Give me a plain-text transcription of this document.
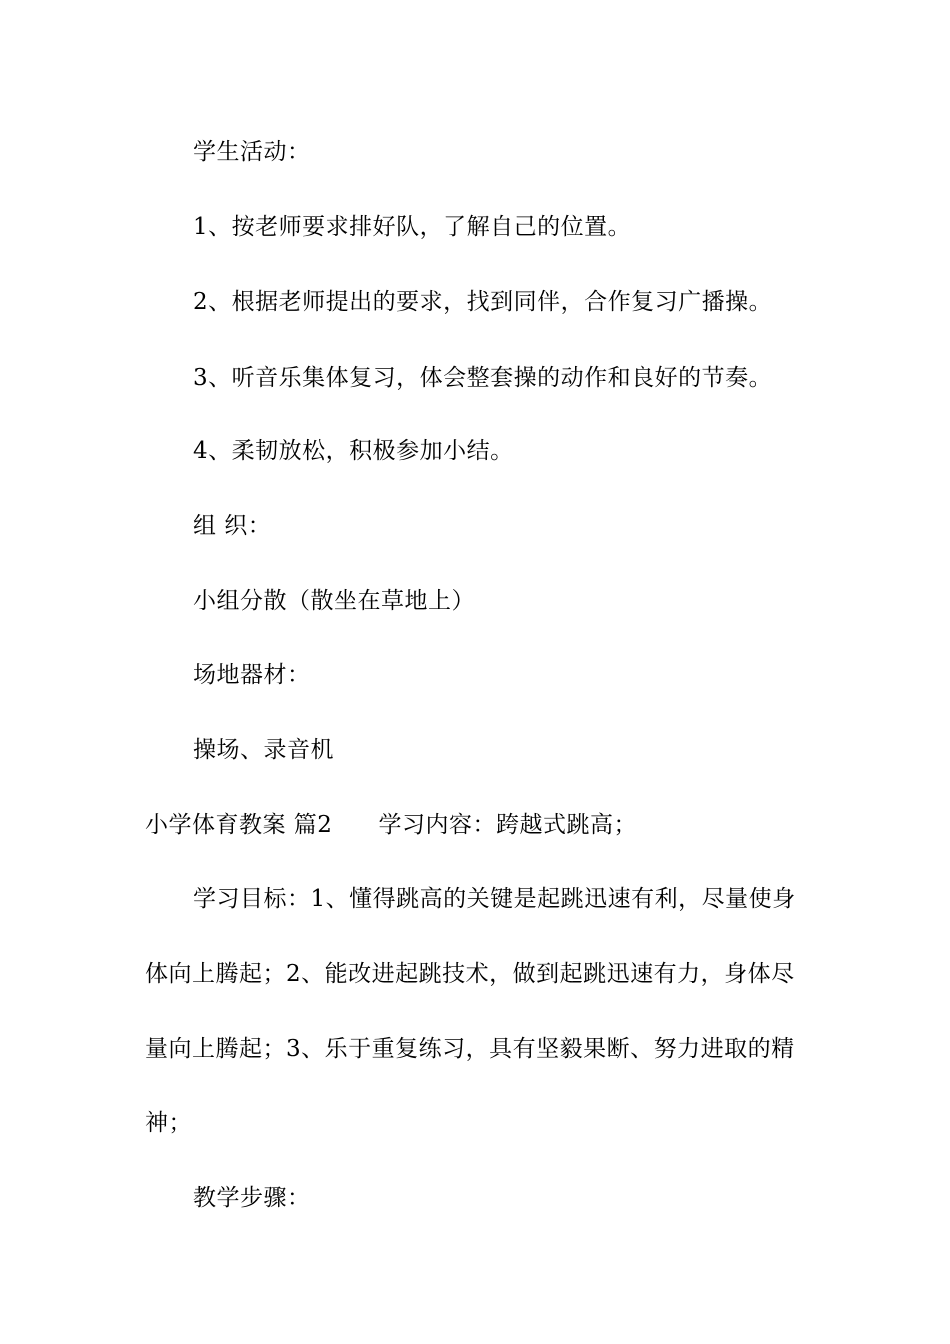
学生活动：
1、按老师要求排好队，了解自己的位置。
2、根据老师提出的要求，找到同伴，合作复习广播操。
3、听音乐集体复习，体会整套操的动作和良好的节奏。
4、柔韧放松，积极参加小结。
组 织：
小组分散（散坐在草地上）
场地器材：
操场、录音机
小学体育教案 篇2 学习内容：跨越式跳高；
学习目标：1、懂得跳高的关键是起跳迅速有利，尽量使身
体向上腾起；2、能改进起跳技术，做到起跳迅速有力，身体尽
量向上腾起；3、乐于重复练习，具有坚毅果断、努力进取的精
神；
教学步骤：
